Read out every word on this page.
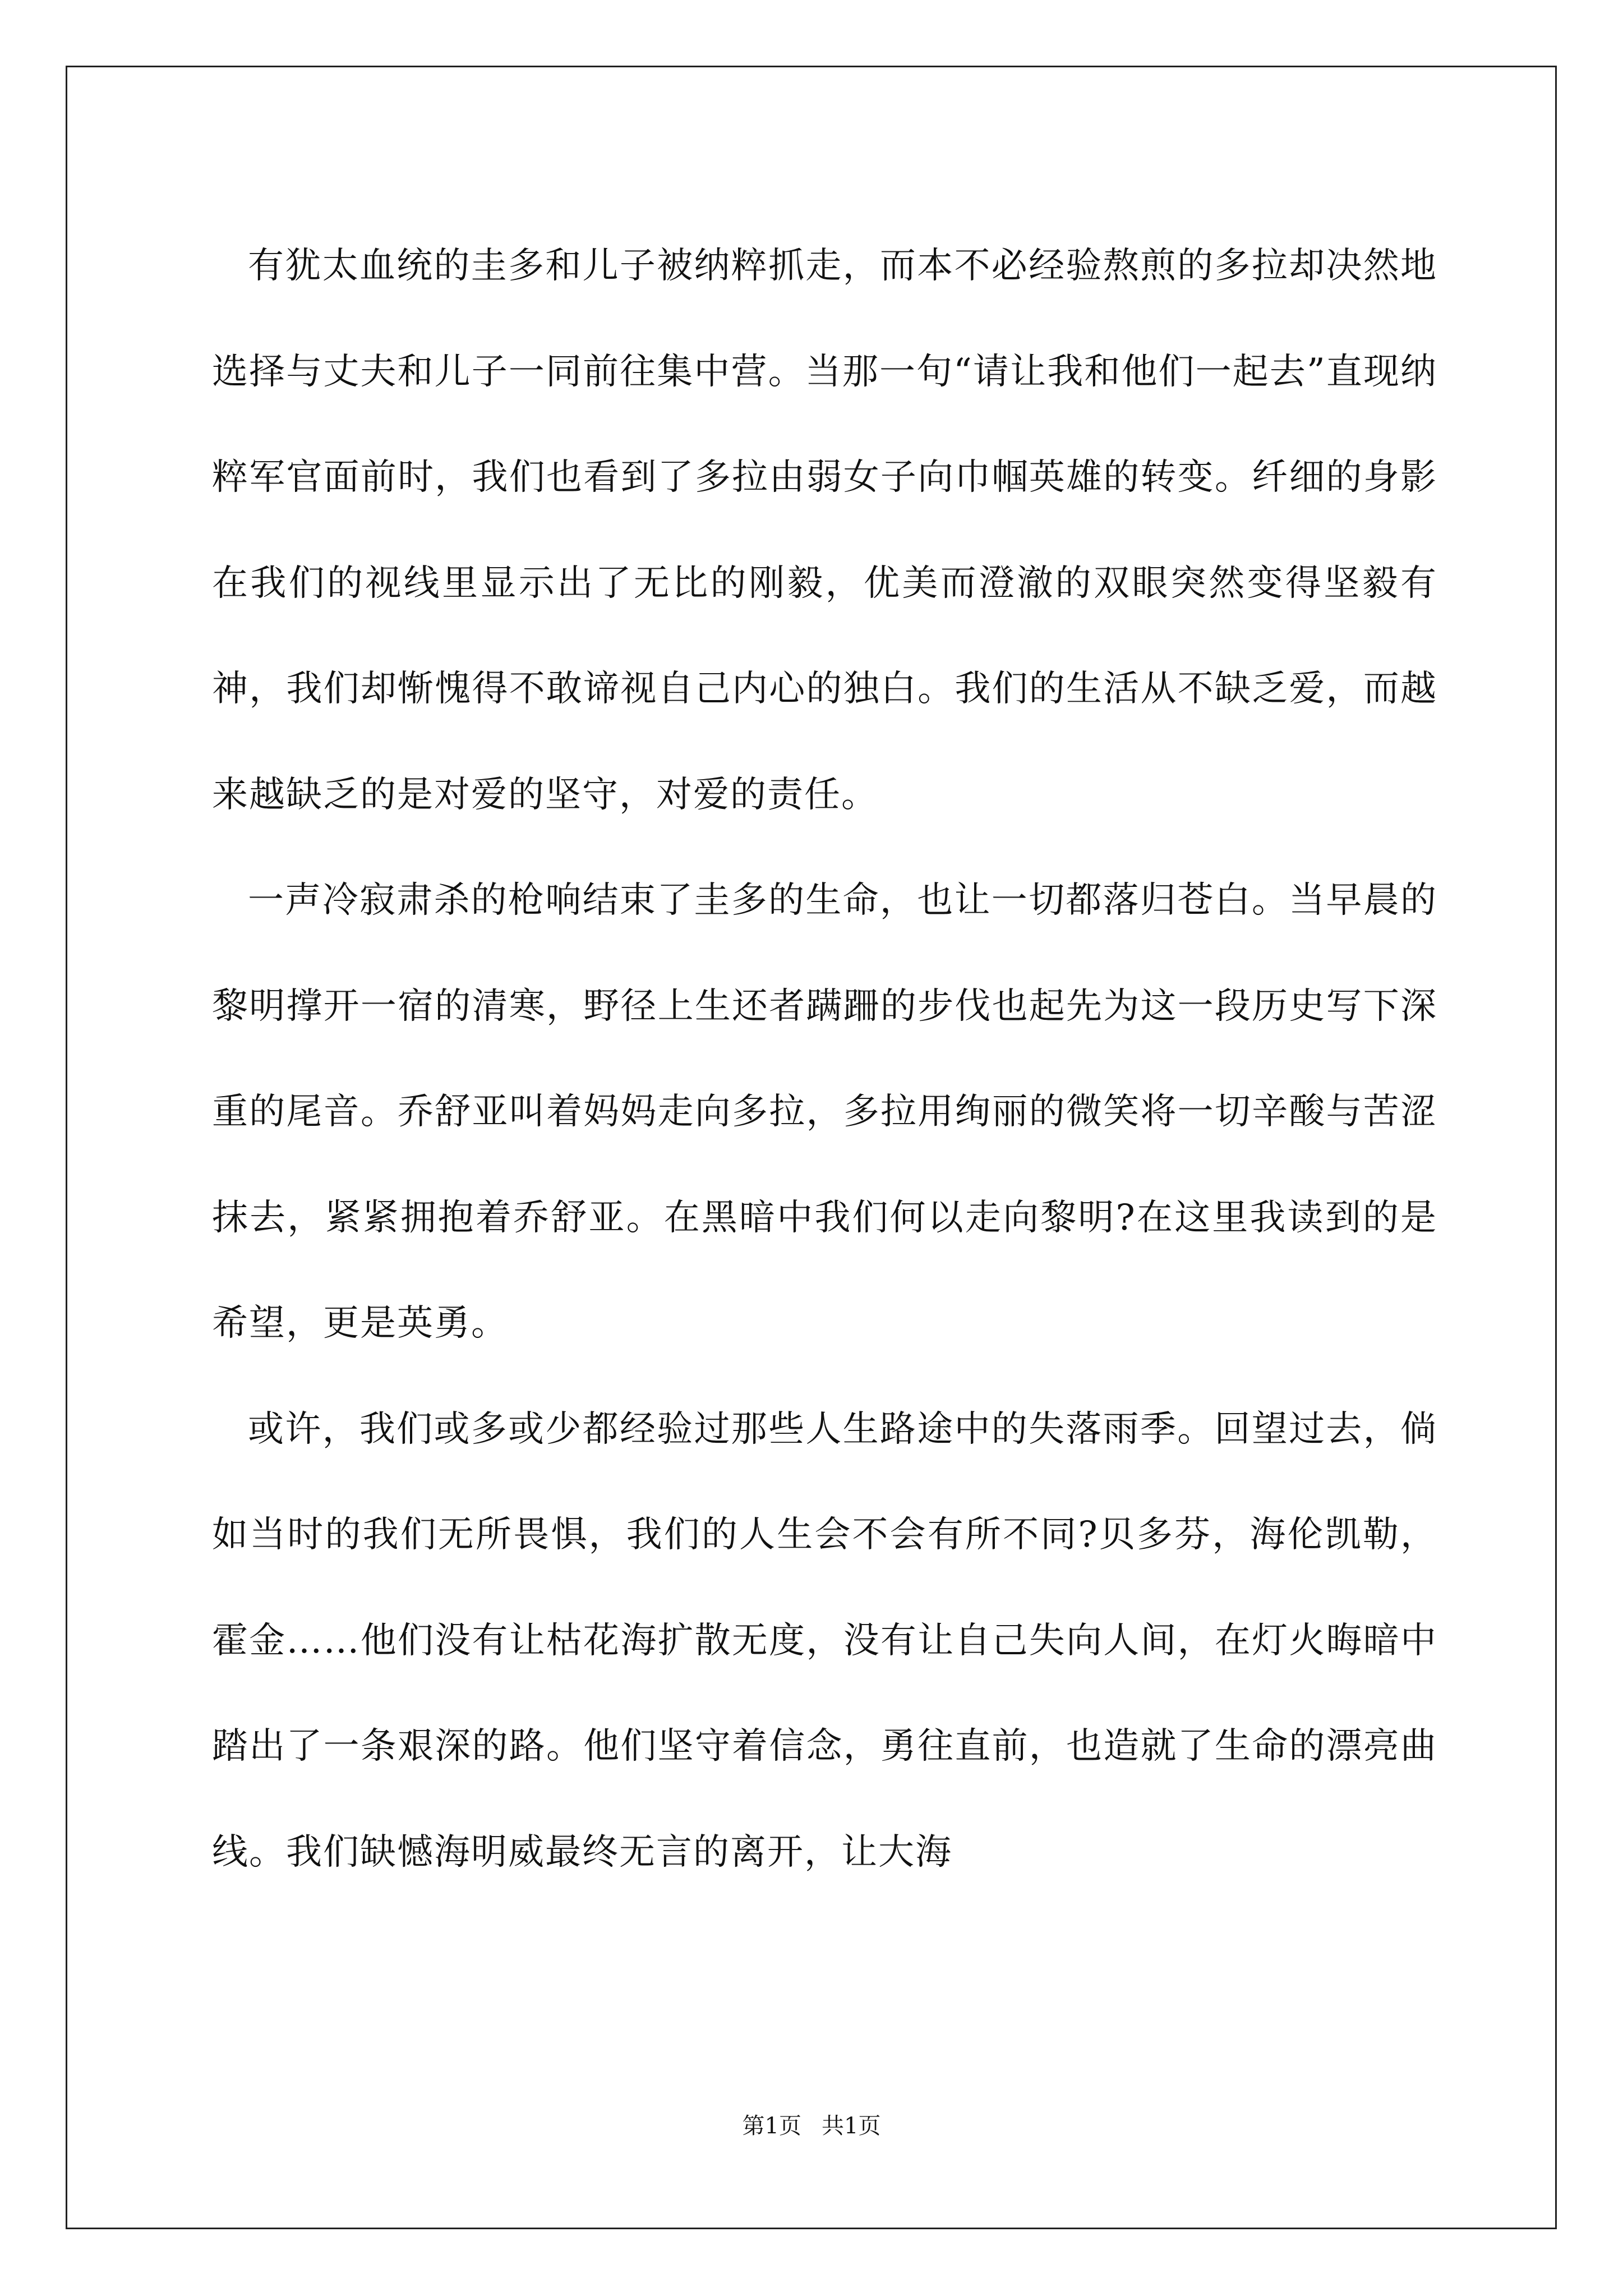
有犹太血统的圭多和儿子被纳粹抓走，而本不必经验熬煎的多拉却决然地选择与丈夫和儿子一同前往集中营。当那一句“请让我和他们一起去”直现纳粹军官面前时，我们也看到了多拉由弱女子向巾帼英雄的转变。纤细的身影在我们的视线里显示出了无比的刚毅，优美而澄澈的双眼突然变得坚毅有神，我们却惭愧得不敢谛视自己内心的独白。我们的生活从不缺乏爱，而越来越缺乏的是对爱的坚守，对爱的责任。

一声冷寂肃杀的枪响结束了圭多的生命，也让一切都落归苍白。当早晨的黎明撑开一宿的清寒，野径上生还者蹒跚的步伐也起先为这一段历史写下深重的尾音。乔舒亚叫着妈妈走向多拉，多拉用绚丽的微笑将一切辛酸与苦涩抹去，紧紧拥抱着乔舒亚。在黑暗中我们何以走向黎明?在这里我读到的是希望，更是英勇。

或许，我们或多或少都经验过那些人生路途中的失落雨季。回望过去，倘如当时的我们无所畏惧，我们的人生会不会有所不同?贝多芬，海伦凯勒，霍金……他们没有让枯花海扩散无度，没有让自己失向人间，在灯火晦暗中踏出了一条艰深的路。他们坚守着信念，勇往直前，也造就了生命的漂亮曲线。我们缺憾海明威最终无言的离开，让大海

第1页 共1页
